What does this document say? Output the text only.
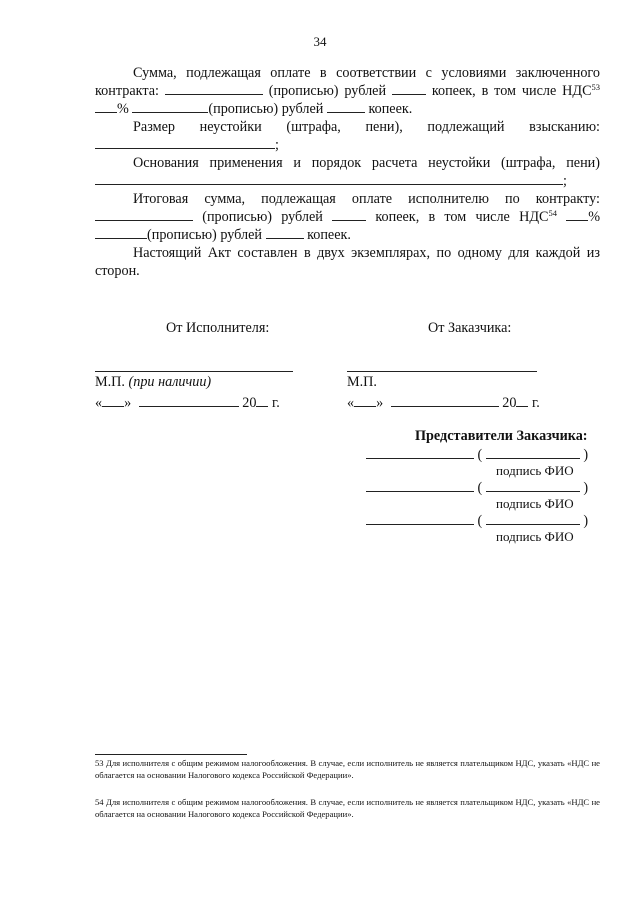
34

Сумма, подлежащая оплате в соответствии с условиями заключенного контракта:	(прописью) рублей	копеек, в том числе НДС$^{53}$ %	(прописью) рублей	копеек.

Размер неустойки (штрафа, пени), подлежащий взысканию: ;

Основания применения и порядок расчета неустойки (штрафа, пени) ;

Итоговая сумма, подлежащая оплате исполнителю по контракту:  (прописью) рублей	копеек, в том числе НДС$^{54}$ % (прописью) рублей	копеек.

Настоящий Акт составлен в двух экземплярах, по одному для каждой из сторон.

От Исполнителя:	От Заказчика:
М.П. (при наличии)	М.П.
« »	20 г.	« »	20 г.
Представители Заказчика:
(	)
подпись ФИО
(	)
подпись ФИО
(	)
подпись ФИО
53 Для исполнителя с общим режимом налогообложения. В случае, если исполнитель не является плательщиком НДС, указать «НДС не облагается на основании Налогового кодекса Российской Федерации».
54 Для исполнителя с общим режимом налогообложения. В случае, если исполнитель не является плательщиком НДС, указать «НДС не облагается на основании Налогового кодекса Российской Федерации».
